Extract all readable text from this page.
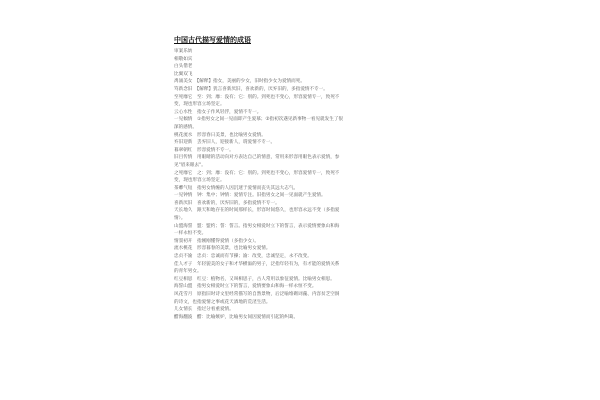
中国古代描写爱情的成语
审案乐妨
相敬如宾
白头偕老
比翼双飞
禹涌美女　【解释】指女，美丽的少女，旧时指少女为爱情而死。
笃新念旧　【解释】犹言喜新厌旧，喜欢新的，厌弃旧的，多指爱情不专一。
至死靡它　至：到；靡：没有；它：别的。到死也不变心，形容爱情专一，致死不
变，现也形容立场坚定。
云心水性　指女子作风轻浮，爱情不专一。
一见倾情　①指男女之间一见面即产生爱慕；②指初次遇见新事物一看见就发生了很
深的感情。
桃花流水　形容春日美景，也比喻男女爱情。
弃旧迎新　丢弃旧人，迎接新人，谓爱情不专一。
暮翠朝红　形容爱情不专一。
旧目传情　用眼睛的活动向对方表达自己的情意，常用来形容用眼色表示爱情，参
见"眉来眼去"。
之死靡它　之：到；靡：没有；它：别的。到死也不变心，形容爱情专一，致死不
变，现也形容立场坚定。
茶蘼气短　指男女情缠的人因沉迷于爱情而丧失其远大志气。
一见钟情　钟：集中；钟情：爱情专注。旧指男女之间一见面就产生爱情。
喜新厌旧　喜欢新的，厌弃旧的，多指爱情不专一。
天长地久　跟天和地存在的时间那样长，形容时间悠久，也形容永远不变（多指爱
情）。
山盟海誓　盟：盟约；誓：誓言。指男女相爱时立下的誓言，表示爱情要象山和海
一样永恒不变。
情窦初开　指刚刚懂得爱情（多指少女）。
流水桃花　形容暮春的美景，也比喻男女爱情。
忠贞不渝　忠贞：忠诚而有节操；渝：改变，忠诚坚定，永不改变。
佳人才子　年轻貌美的女子和才华横溢的男子，泛指年轻有为，有才能的爱情关系
的青年男女。
红豆相思　红豆：植物名，又叫相思子，古人常用以象征爱情。比喻男女相思。
海誓山盟　指男女相爱时立下的誓言，爱情要象山和海一样永恒不变。
风花雪月　原指旧时诗文里经常描写的自然景物，后泛喻堆砌词藻、内容贫乏空洞
的诗文，也指爱情之事或花天酒地的荒淫生活。
儿女情长　指过分看重爱情。
醋海翻波　醋：比喻嫉妒，比喻男女间因爱情而引起的纠葛。
